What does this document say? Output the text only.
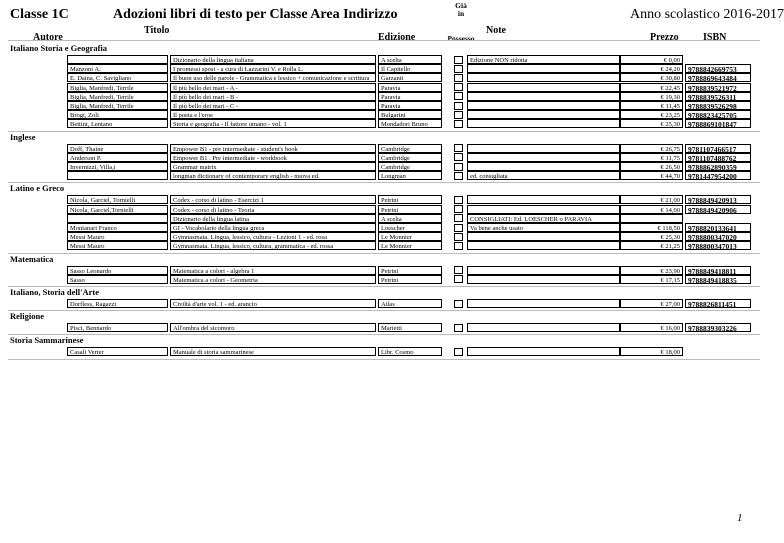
Classe 1C	Adozioni libri di testo per Classe Area Indirizzo
Già
in	Anno scolastico 2016-2017
Autore
Titolo
Edizione	Possesso
Note
Prezzo ISBN
Italiano Storia e Geografia
Dizionario della lingua italiana	A scelta	Edizione NON ridotta	€ 0,00
Manzoni A.	I promessi sposi - a cura di Lazzarini V. e Rolla L.	Il Capitello	€ 24,20	9788842669753
E. Daina, C. Savigliano	Il buon uso delle parole - Grammatica e lessico + comunicazione e scrittura	Garzanti	€ 30,80	9788869643484
Biglia, Manfredi, Terrile	Il più bello dei mari - A -	Paravia	€ 22,45	9788839521972
Biglia, Manfredi, Terrile	Il più bello dei mari - B -	Paravia	€ 19,30	9788839526311
Biglia, Manfredi, Terrile	Il più bello dei mari - C -	Paravia	€ 11,45	9788839526298
Brogi, Zoli	Il poeta e l'eroe	Bulgarini	€ 23,25	9788823425705
Bettini, Lentano	Storia e geografia - Il fattore umano - vol. 1	Mondadori Bruno	€ 25,30	9788869101847
Inglese
Doff, Thaine	Empower B1 - pre intermediate - student's book	Cambridge	€ 26,75	9781107466517
Anderson P.	Empower B1 . Pre intermediate - workbook	Cambridge	€ 11,75	9781107488762
Invernizzi, Villa,i	Grammar matrix	Cambridge	€ 26,50	9788862890359
longman dictionary of contemporary english - nuova ed.	Longman	ed. consigliata	€ 44,70	9781447954200
Latino e Greco
Nicola, Garciel, Tornielli	Codex - corso di latino - Esercizi 1	Petrini	€ 21,00	9788849420913
Nicola, Garciel,Tornielli	Codex - corso di latino - Teoria	Petrini	€ 14,00	9788849420906
Dizionario della lingua latina	A scelta	CONSIGLIATI: Ed. LOESCHER o PARAVIA
Montanari Franco	GI - Vocabolario della lingua greca	Loescher	Va bene anche usato	€ 118,50	9788820133641
Messi Mauro	Gymnasmata. Lingua, lessico, cultura - Lezioni 1 - ed. rosa	Le Monnier	€ 25,30	9788800347020
Messi Mauro	Gymnasmata. Lingua, lessico, cultura, grammatica - ed. rossa	Le Monnier	€ 21,25	9788800347013
Matematica
Sasso Leonardo	Matematica a colori - algebra 1	Petrini	€ 23,90	9788849418811
Sasso	Matematica a colori - Geometria	Petrini	€ 17,15	9788849418835
Italiano, Storia dell'Arte
Dorfless, Ragazzi	Civiltà d'arte vol. 1 - ed. arancio	Atlas	€ 27,00	9788826811451
Religione
Pisci, Bennardo	All'ombra del sicomoro	Marietti	€ 16,00	9788839303226
Storia Sammarinese
Casali Verter	Manuale di storia sammarinese	Libr. Cosmo	€ 18,00
1
